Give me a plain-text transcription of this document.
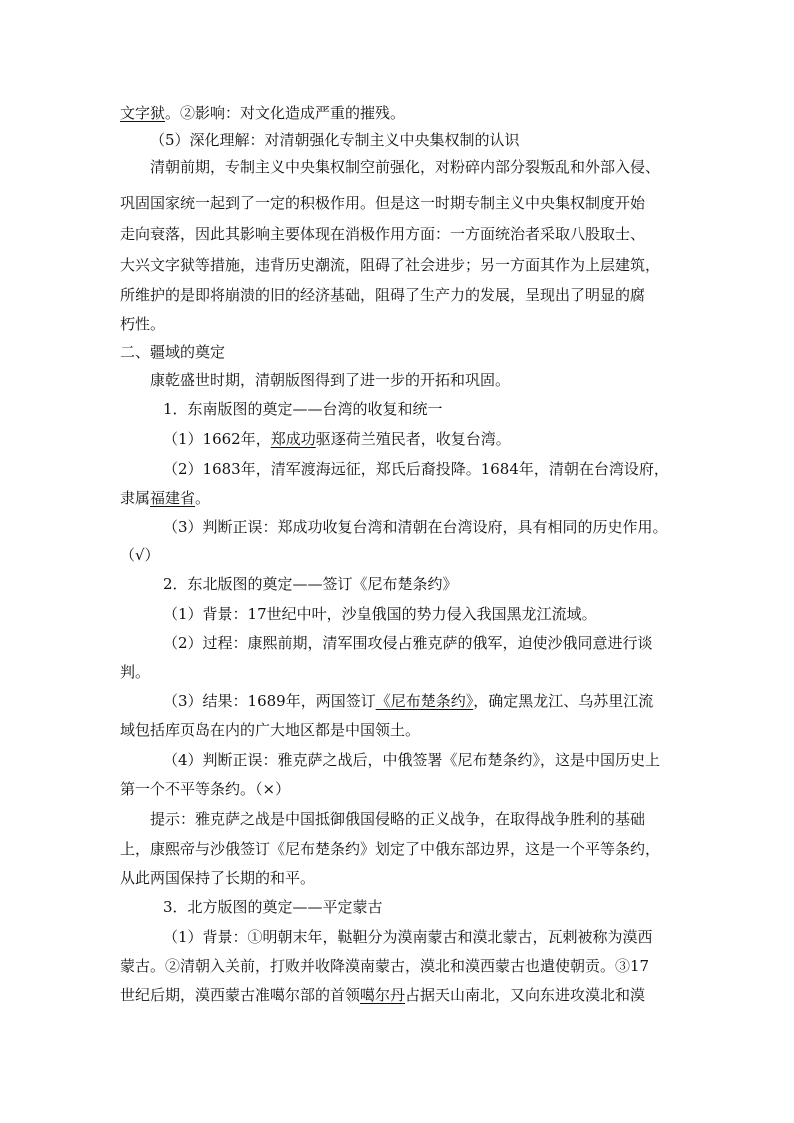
文字狱。②影响：对文化造成严重的摧残。
（5）深化理解：对清朝强化专制主义中央集权制的认识
清朝前期，专制主义中央集权制空前强化，对粉碎内部分裂叛乱和外部入侵、
巩固国家统一起到了一定的积极作用。但是这一时期专制主义中央集权制度开始
走向衰落，因此其影响主要体现在消极作用方面：一方面统治者采取八股取士、
大兴文字狱等措施，违背历史潮流，阻碍了社会进步；另一方面其作为上层建筑，
所维护的是即将崩溃的旧的经济基础，阻碍了生产力的发展，呈现出了明显的腐
朽性。
二、疆域的奠定
康乾盛世时期，清朝版图得到了进一步的开拓和巩固。
1．东南版图的奠定——台湾的收复和统一
（1）1662年，郑成功驱逐荷兰殖民者，收复台湾。
（2）1683年，清军渡海远征，郑氏后裔投降。1684年，清朝在台湾设府，
隶属福建省。
（3）判断正误：郑成功收复台湾和清朝在台湾设府，具有相同的历史作用。
（√）
2．东北版图的奠定——签订《尼布楚条约》
（1）背景：17世纪中叶，沙皇俄国的势力侵入我国黑龙江流域。
（2）过程：康熙前期，清军围攻侵占雅克萨的俄军，迫使沙俄同意进行谈
判。
（3）结果：1689年，两国签订《尼布楚条约》，确定黑龙江、乌苏里江流
域包括库页岛在内的广大地区都是中国领土。
（4）判断正误：雅克萨之战后，中俄签署《尼布楚条约》，这是中国历史上
第一个不平等条约。（×）
提示：雅克萨之战是中国抵御俄国侵略的正义战争，在取得战争胜利的基础
上，康熙帝与沙俄签订《尼布楚条约》划定了中俄东部边界，这是一个平等条约，
从此两国保持了长期的和平。
3．北方版图的奠定——平定蒙古
（1）背景：①明朝末年，鞑靼分为漠南蒙古和漠北蒙古，瓦剌被称为漠西
蒙古。②清朝入关前，打败并收降漠南蒙古，漠北和漠西蒙古也遣使朝贡。③17
世纪后期，漠西蒙古准噶尔部的首领噶尔丹占据天山南北，又向东进攻漠北和漠
